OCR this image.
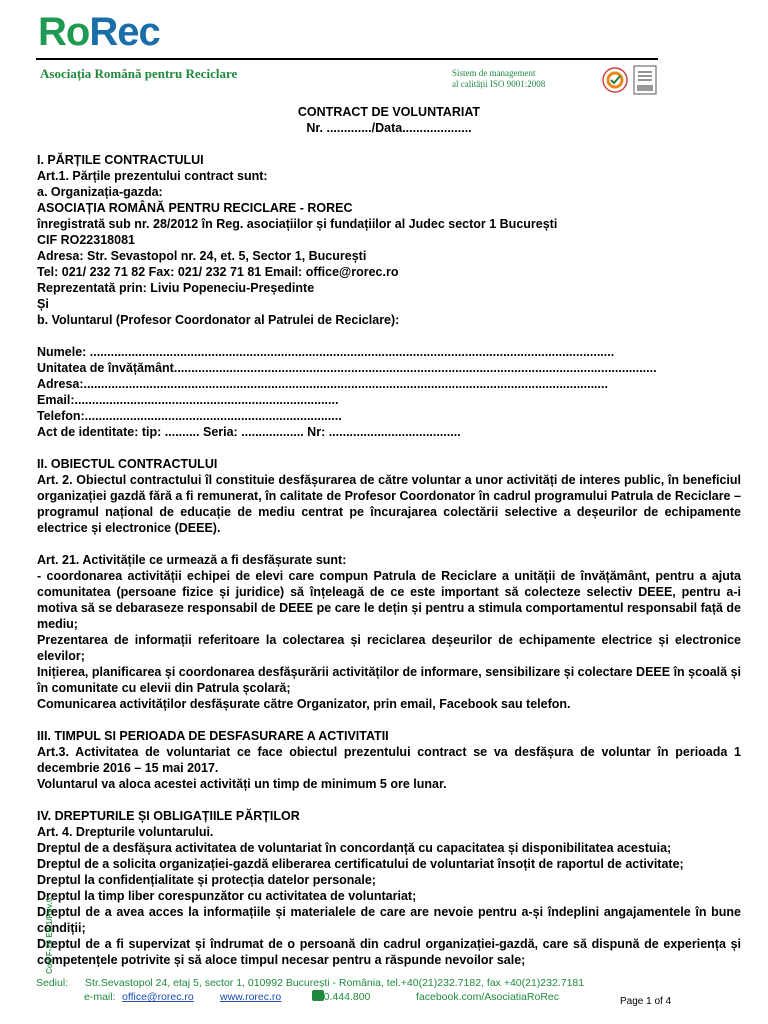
RoRec
Asociația Română pentru Reciclare	Sistem de management
al calității ISO 9001:2008
CONTRACT DE VOLUNTARIAT
Nr. ............./Data....................
I. PĂRȚILE CONTRACTULUI
Art.1. Părțile prezentului contract sunt:
a. Organizația-gazda:
ASOCIAȚIA ROMÂNĂ PENTRU RECICLARE - ROREC
înregistrată sub nr. 28/2012 în Reg. asociațiilor și fundațiilor al Judec sector 1 București
CIF RO22318081
Adresa: Str. Sevastopol nr. 24, et. 5, Sector 1, București
Tel: 021/ 232 71 82 Fax: 021/ 232 71 81 Email: office@rorec.ro
Reprezentată prin: Liviu Popeneciu-Președinte
Și
b. Voluntarul (Profesor Coordonator al Patrulei de Reciclare):
Numele: .......................................................................................................................................................
Unitatea de învățământ...........................................................................................................................................
Adresa:.......................................................................................................................................................
Email:............................................................................
Telefon:..........................................................................
Act de identitate: tip: .......... Seria: .................. Nr: ......................................
II. OBIECTUL CONTRACTULUI
Art. 2. Obiectul contractului îl constituie desfășurarea de către voluntar a unor activități de interes public, în beneficiul organizației gazdă fără a fi remunerat, în calitate de Profesor Coordonator în cadrul programului Patrula de Reciclare – programul național de educație de mediu centrat pe încurajarea colectării selective a deșeurilor de echipamente electrice și electronice (DEEE).
Art. 21. Activitățile ce urmează a fi desfășurate sunt:
- coordonarea activității echipei de elevi care compun Patrula de Reciclare a unității de învățământ, pentru a ajuta comunitatea (persoane fizice și juridice) să înțeleagă de ce este important să colecteze selectiv DEEE, pentru a-i motiva să se debaraseze responsabil de DEEE pe care le dețin și pentru a stimula comportamentul responsabil față de mediu;
Prezentarea de informații referitoare la colectarea și reciclarea deșeurilor de echipamente electrice și electronice elevilor;
Inițierea, planificarea și coordonarea desfășurării activităților de informare, sensibilizare și colectare DEEE în școală și în comunitate cu elevii din Patrula școlară;
Comunicarea activităților desfășurate către Organizator, prin email, Facebook sau telefon.
III. TIMPUL SI PERIOADA DE DESFASURARE A ACTIVITATII
Art.3. Activitatea de voluntariat ce face obiectul prezentului contract se va desfășura de voluntar în perioada 1 decembrie 2016 – 15 mai 2017.
Voluntarul va aloca acestei activități un timp de minimum 5 ore lunar.
IV. DREPTURILE ȘI OBLIGAȚIILE PĂRȚILOR
Art. 4. Drepturile voluntarului.
Dreptul de a desfășura activitatea de voluntariat în concordanță cu capacitatea și disponibilitatea acestuia;
Dreptul de a solicita organizației-gazdă eliberarea certificatului de voluntariat însoțit de raportul de activitate;
Dreptul la confidențialitate și protecția datelor personale;
Dreptul la timp liber corespunzător cu activitatea de voluntariat;
Dreptul de a avea acces la informațiile și materialele de care are nevoie pentru a-și îndeplini angajamentele în bune condiții;
Dreptul de a fi supervizat și îndrumat de o persoană din cadrul organizației-gazdă, care să dispună de experiența și competențele potrivite și să aloce timpul necesar pentru a răspunde nevoilor sale;
Cod F-20 Ed.1/Rev.0
Sediul: Str.Sevastopol 24, etaj 5, sector 1, 010992 București - România, tel.+40(21)232.7182, fax +40(21)232.7181
e-mail: office@rorec.ro	www.rorec.ro	800.444.800	facebook.com/AsociatiaRoRec	Page 1 of 4
